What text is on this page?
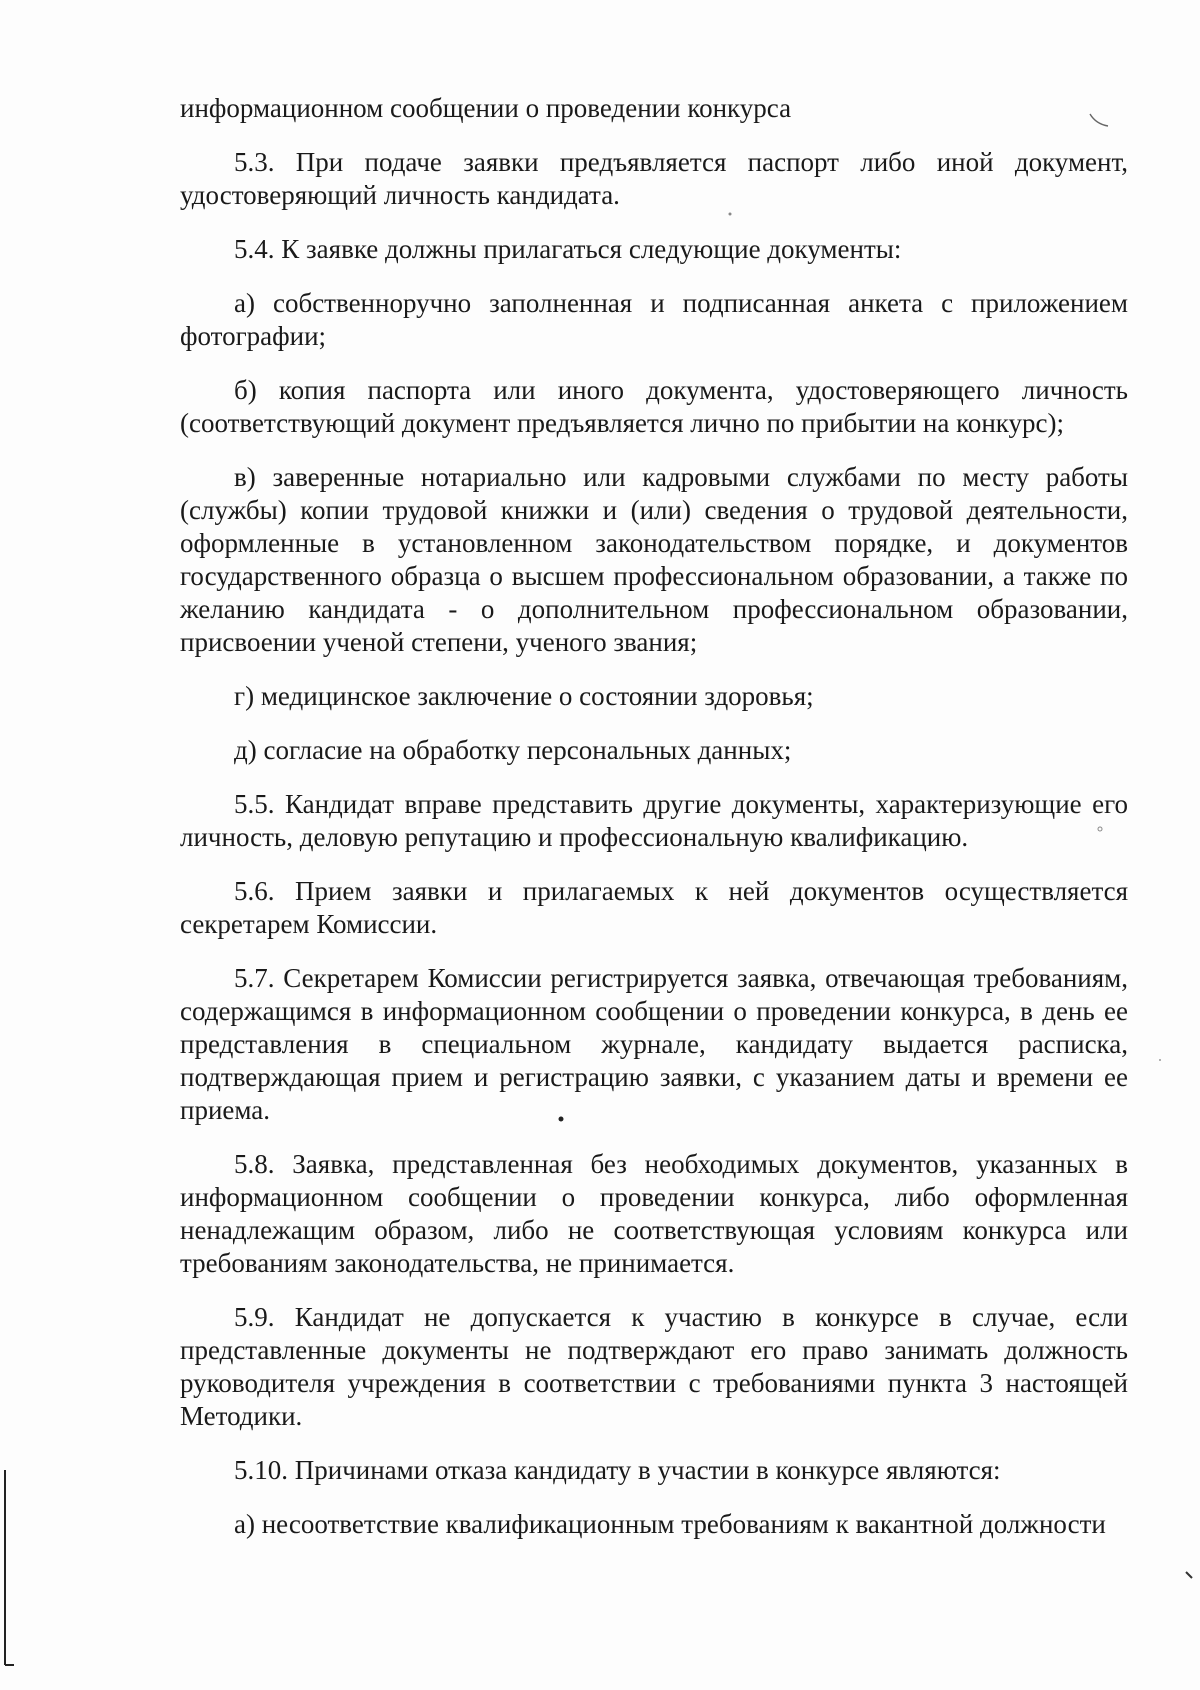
информационном сообщении о проведении конкурса

5.3. При подаче заявки предъявляется паспорт либо иной документ, удостоверяющий личность кандидата.

5.4. К заявке должны прилагаться следующие документы:

а) собственноручно заполненная и подписанная анкета с приложением фотографии;

б) копия паспорта или иного документа, удостоверяющего личность (соответствующий документ предъявляется лично по прибытии на конкурс);

в) заверенные нотариально или кадровыми службами по месту работы (службы) копии трудовой книжки и (или) сведения о трудовой деятельности, оформленные в установленном законодательством порядке, и документов государственного образца о высшем профессиональном образовании, а также по желанию кандидата - о дополнительном профессиональном образовании, присвоении ученой степени, ученого звания;

г) медицинское заключение о состоянии здоровья;

д) согласие на обработку персональных данных;

5.5. Кандидат вправе представить другие документы, характеризующие его личность, деловую репутацию и профессиональную квалификацию.

5.6. Прием заявки и прилагаемых к ней документов осуществляется секретарем Комиссии.

5.7. Секретарем Комиссии регистрируется заявка, отвечающая требованиям, содержащимся в информационном сообщении о проведении конкурса, в день ее представления в специальном журнале, кандидату выдается расписка, подтверждающая прием и регистрацию заявки, с указанием даты и времени ее приема.

5.8. Заявка, представленная без необходимых документов, указанных в информационном сообщении о проведении конкурса, либо оформленная ненадлежащим образом, либо не соответствующая условиям конкурса или требованиям законодательства, не принимается.

5.9. Кандидат не допускается к участию в конкурсе в случае, если представленные документы не подтверждают его право занимать должность руководителя учреждения в соответствии с требованиями пункта 3 настоящей Методики.

5.10. Причинами отказа кандидату в участии в конкурсе являются:

а) несоответствие квалификационным требованиям к вакантной должности
